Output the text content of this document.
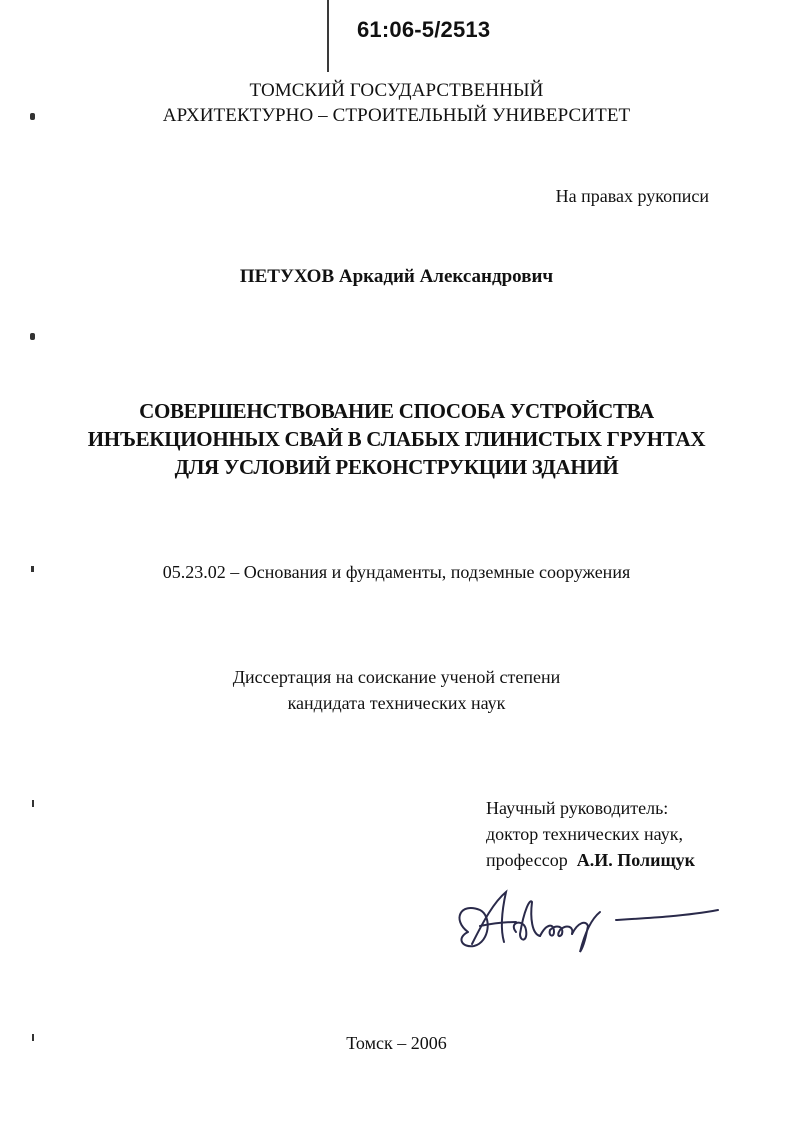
61:06-5/2513
ТОМСКИЙ ГОСУДАРСТВЕННЫЙ
АРХИТЕКТУРНО – СТРОИТЕЛЬНЫЙ УНИВЕРСИТЕТ
На правах рукописи
ПЕТУХОВ Аркадий Александрович
СОВЕРШЕНСТВОВАНИЕ СПОСОБА УСТРОЙСТВА
ИНЪЕКЦИОННЫХ СВАЙ В СЛАБЫХ ГЛИНИСТЫХ ГРУНТАХ
ДЛЯ УСЛОВИЙ РЕКОНСТРУКЦИИ ЗДАНИЙ
05.23.02 – Основания и фундаменты, подземные сооружения
Диссертация на соискание ученой степени
кандидата технических наук
Научный руководитель:
доктор технических наук,
профессор А.И. Полищук
Томск – 2006
